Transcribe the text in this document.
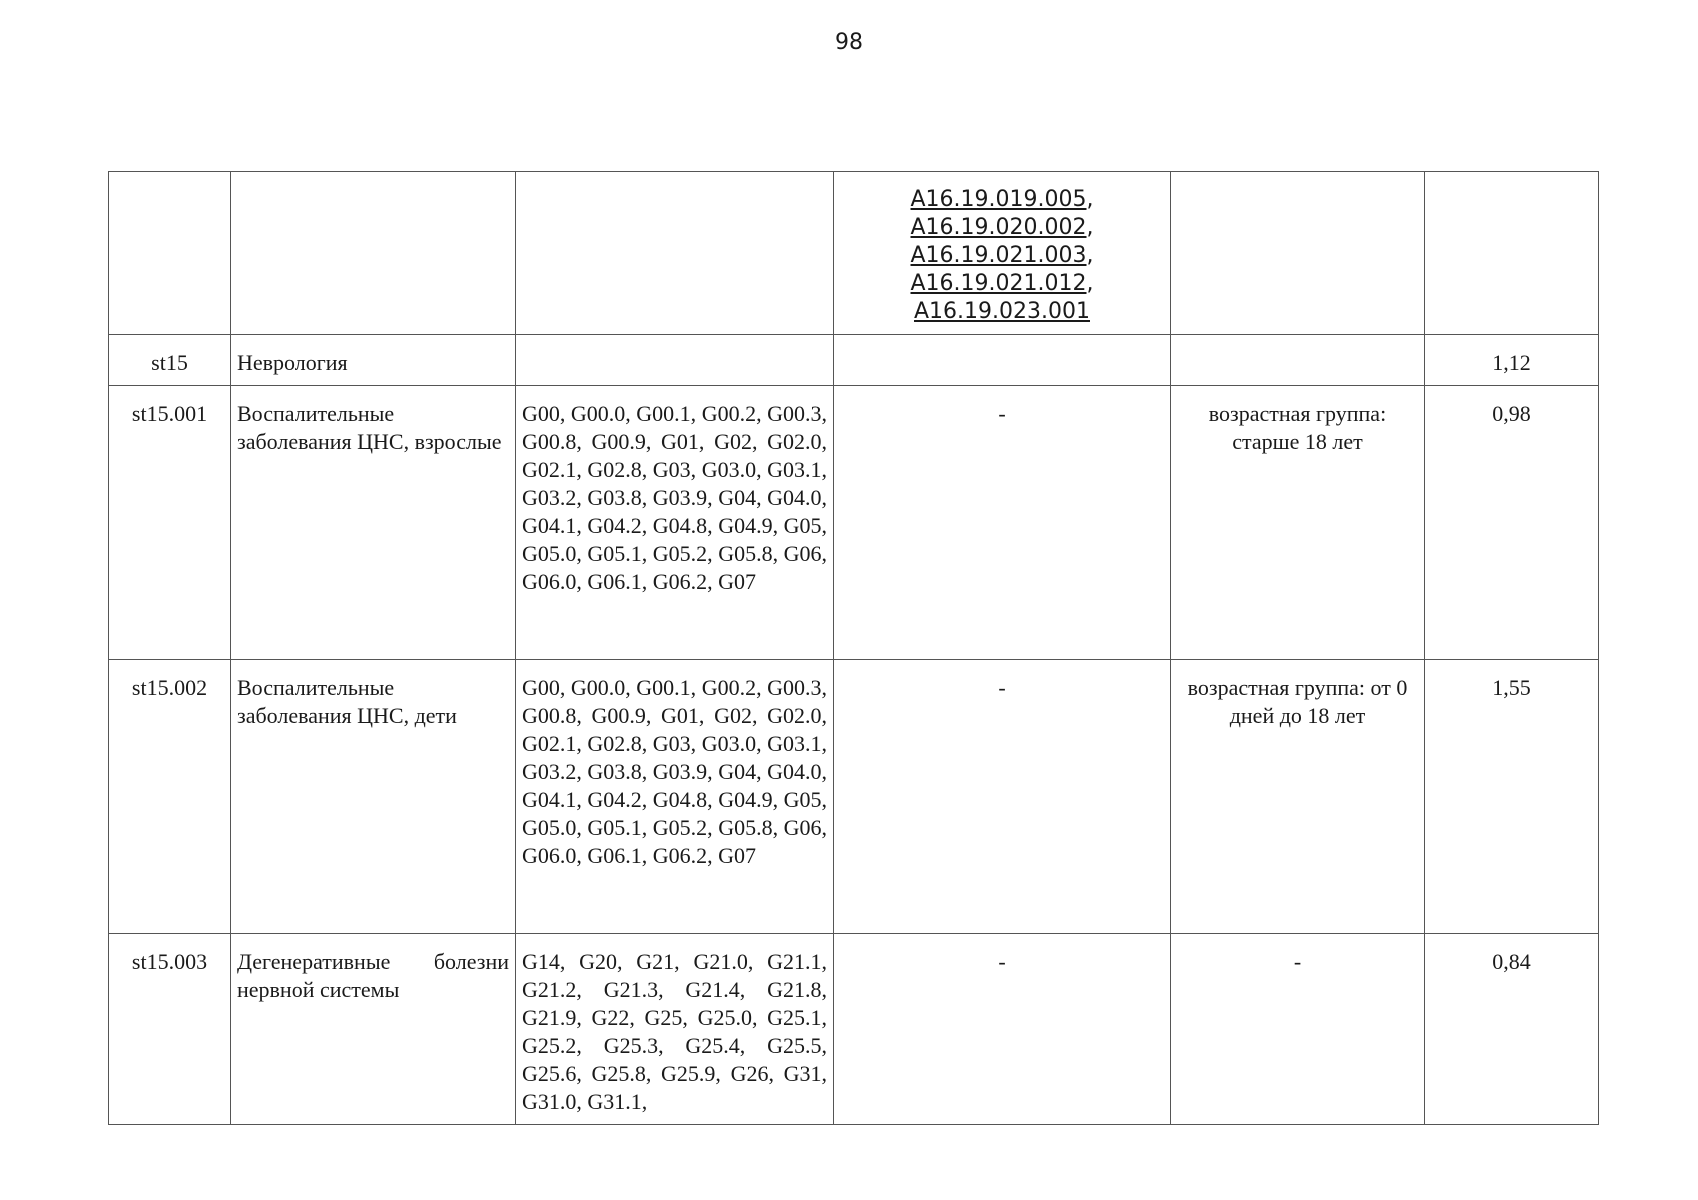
98

			A16.19.019.005,
A16.19.020.002,
A16.19.021.003,
A16.19.021.012,
A16.19.023.001		

st15	Неврология				1,12
st15.001	Воспалительные заболевания ЦНС, взрослые	G00, G00.0, G00.1, G00.2, G00.3, G00.8, G00.9, G01, G02, G02.0, G02.1, G02.8, G03, G03.0, G03.1, G03.2, G03.8, G03.9, G04, G04.0, G04.1, G04.2, G04.8, G04.9, G05, G05.0, G05.1, G05.2, G05.8, G06, G06.0, G06.1, G06.2, G07	-	возрастная группа: старше 18 лет	0,98
st15.002	Воспалительные заболевания ЦНС, дети	G00, G00.0, G00.1, G00.2, G00.3, G00.8, G00.9, G01, G02, G02.0, G02.1, G02.8, G03, G03.0, G03.1, G03.2, G03.8, G03.9, G04, G04.0, G04.1, G04.2, G04.8, G04.9, G05, G05.0, G05.1, G05.2, G05.8, G06, G06.0, G06.1, G06.2, G07	-	возрастная группа: от 0 дней до 18 лет	1,55
st15.003	Дегенеративные болезни нервной системы	G14, G20, G21, G21.0, G21.1, G21.2, G21.3, G21.4, G21.8, G21.9, G22, G25, G25.0, G25.1, G25.2, G25.3, G25.4, G25.5, G25.6, G25.8, G25.9, G26, G31, G31.0, G31.1,	-	-	0,84
